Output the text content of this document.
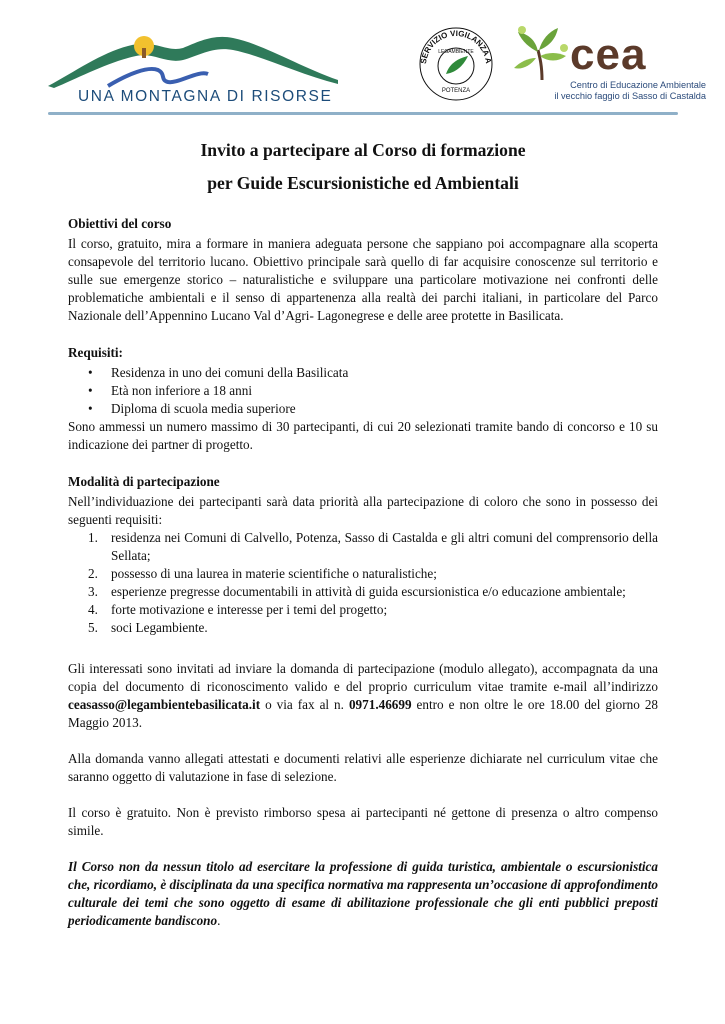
UNA MONTAGNA DI RISORSE
SERVIZIO VIGILANZA A
POTENZA
LEGAMBIENTE cea
Centro di Educazione Ambientale
il vecchio faggio di Sasso di Castalda
Invito a partecipare al Corso di formazione
per Guide Escursionistiche ed Ambientali
Obiettivi del corso

Il corso, gratuito, mira a formare in maniera adeguata persone che sappiano poi accompagnare alla scoperta consapevole del territorio lucano. Obiettivo principale sarà quello di far acquisire conoscenze sul territorio e sulle sue emergenze storico – naturalistiche e sviluppare una particolare motivazione nei confronti delle problematiche ambientali e il senso di appartenenza alla realtà dei parchi italiani, in particolare del Parco Nazionale dell’Appennino Lucano Val d’Agri- Lagonegrese e delle aree protette in Basilicata.

Requisiti:
• Residenza in uno dei comuni della Basilicata
• Età non inferiore a 18 anni
• Diploma di scuola media superiore

Sono ammessi un numero massimo di 30 partecipanti, di cui 20 selezionati tramite bando di concorso e 10 su indicazione dei partner di progetto.

Modalità di partecipazione

Nell’individuazione dei partecipanti sarà data priorità alla partecipazione di coloro che sono in possesso dei seguenti requisiti:

1. residenza nei Comuni di Calvello, Potenza, Sasso di Castalda e gli altri comuni del comprensorio della Sellata;
2. possesso di una laurea in materie scientifiche o naturalistiche;
3. esperienze pregresse documentabili in attività di guida escursionistica e/o educazione ambientale;
4. forte motivazione e interesse per i temi del progetto;
5. soci Legambiente.

Gli interessati sono invitati ad inviare la domanda di partecipazione (modulo allegato), accompagnata da una copia del documento di riconoscimento valido e del proprio curriculum vitae tramite e-mail all’indirizzo ceasasso@legambientebasilicata.it o via fax al n. 0971.46699 entro e non oltre le ore 18.00 del giorno 28 Maggio 2013.

Alla domanda vanno allegati attestati e documenti relativi alle esperienze dichiarate nel curriculum vitae che saranno oggetto di valutazione in fase di selezione.

Il corso è gratuito. Non è previsto rimborso spesa ai partecipanti né gettone di presenza o altro compenso simile.

Il Corso non da nessun titolo ad esercitare la professione di guida turistica, ambientale o escursionistica che, ricordiamo, è disciplinata da una specifica normativa ma rappresenta un’occasione di approfondimento culturale dei temi che sono oggetto di esame di abilitazione professionale che gli enti pubblici preposti periodicamente bandiscono.
